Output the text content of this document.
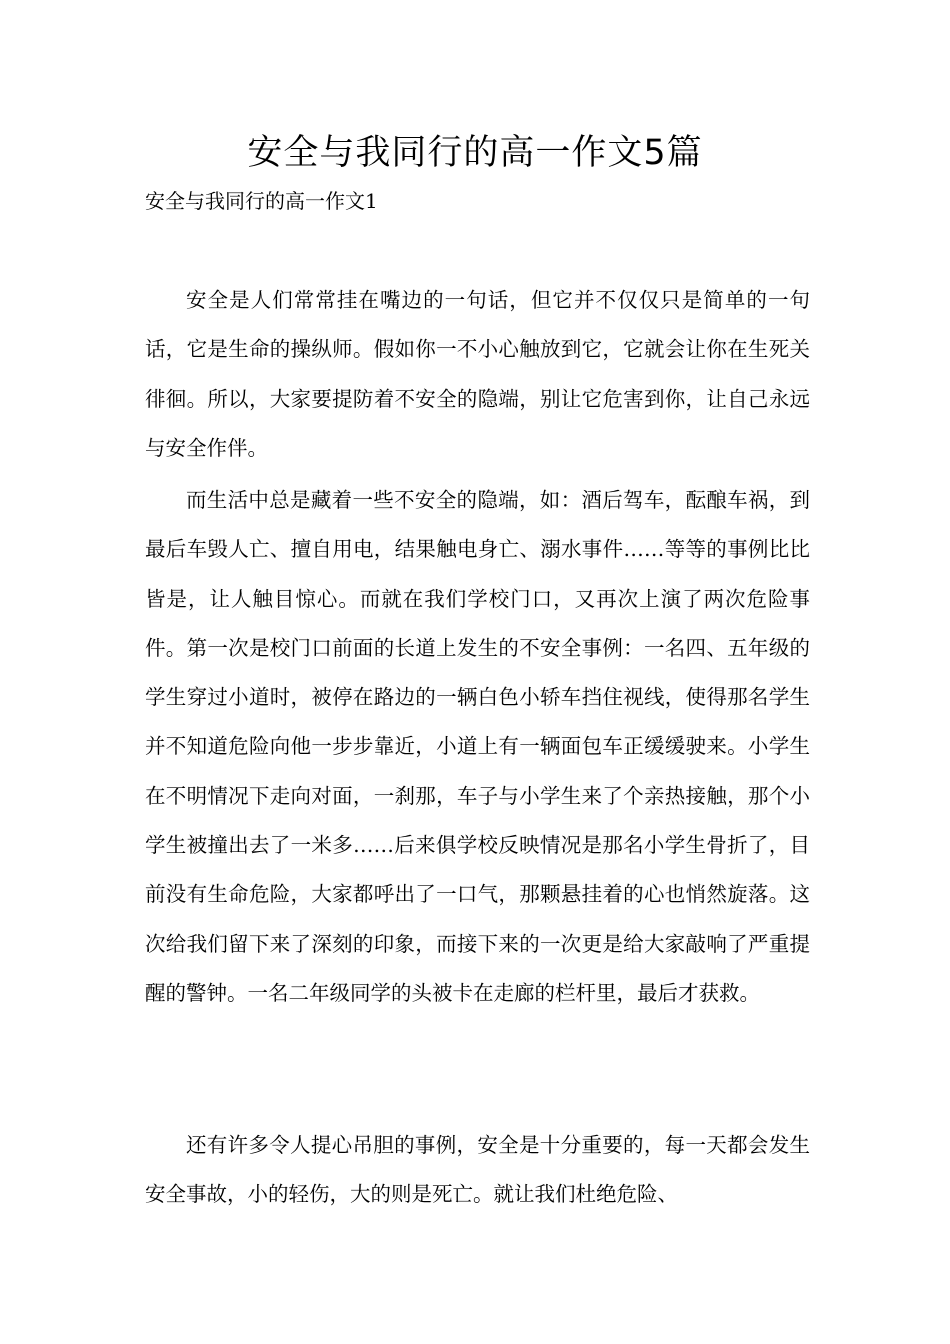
安全与我同行的高一作文5篇
安全与我同行的高一作文1

安全是人们常常挂在嘴边的一句话，但它并不仅仅只是简单的一句话，它是生命的操纵师。假如你一不小心触放到它，它就会让你在生死关徘徊。所以，大家要提防着不安全的隐端，别让它危害到你，让自己永远与安全作伴。

而生活中总是藏着一些不安全的隐端，如：酒后驾车，酝酿车祸，到最后车毁人亡、擅自用电，结果触电身亡、溺水事件……等等的事例比比皆是，让人触目惊心。而就在我们学校门口，又再次上演了两次危险事件。第一次是校门口前面的长道上发生的不安全事例：一名四、五年级的学生穿过小道时，被停在路边的一辆白色小轿车挡住视线，使得那名学生并不知道危险向他一步步靠近，小道上有一辆面包车正缓缓驶来。小学生在不明情况下走向对面，一刹那，车子与小学生来了个亲热接触，那个小学生被撞出去了一米多……后来俱学校反映情况是那名小学生骨折了，目前没有生命危险，大家都呼出了一口气，那颗悬挂着的心也悄然旋落。这次给我们留下来了深刻的印象，而接下来的一次更是给大家敲响了严重提醒的警钟。一名二年级同学的头被卡在走廊的栏杆里，最后才获救。

还有许多令人提心吊胆的事例，安全是十分重要的，每一天都会发生安全事故，小的轻伤，大的则是死亡。就让我们杜绝危险、
